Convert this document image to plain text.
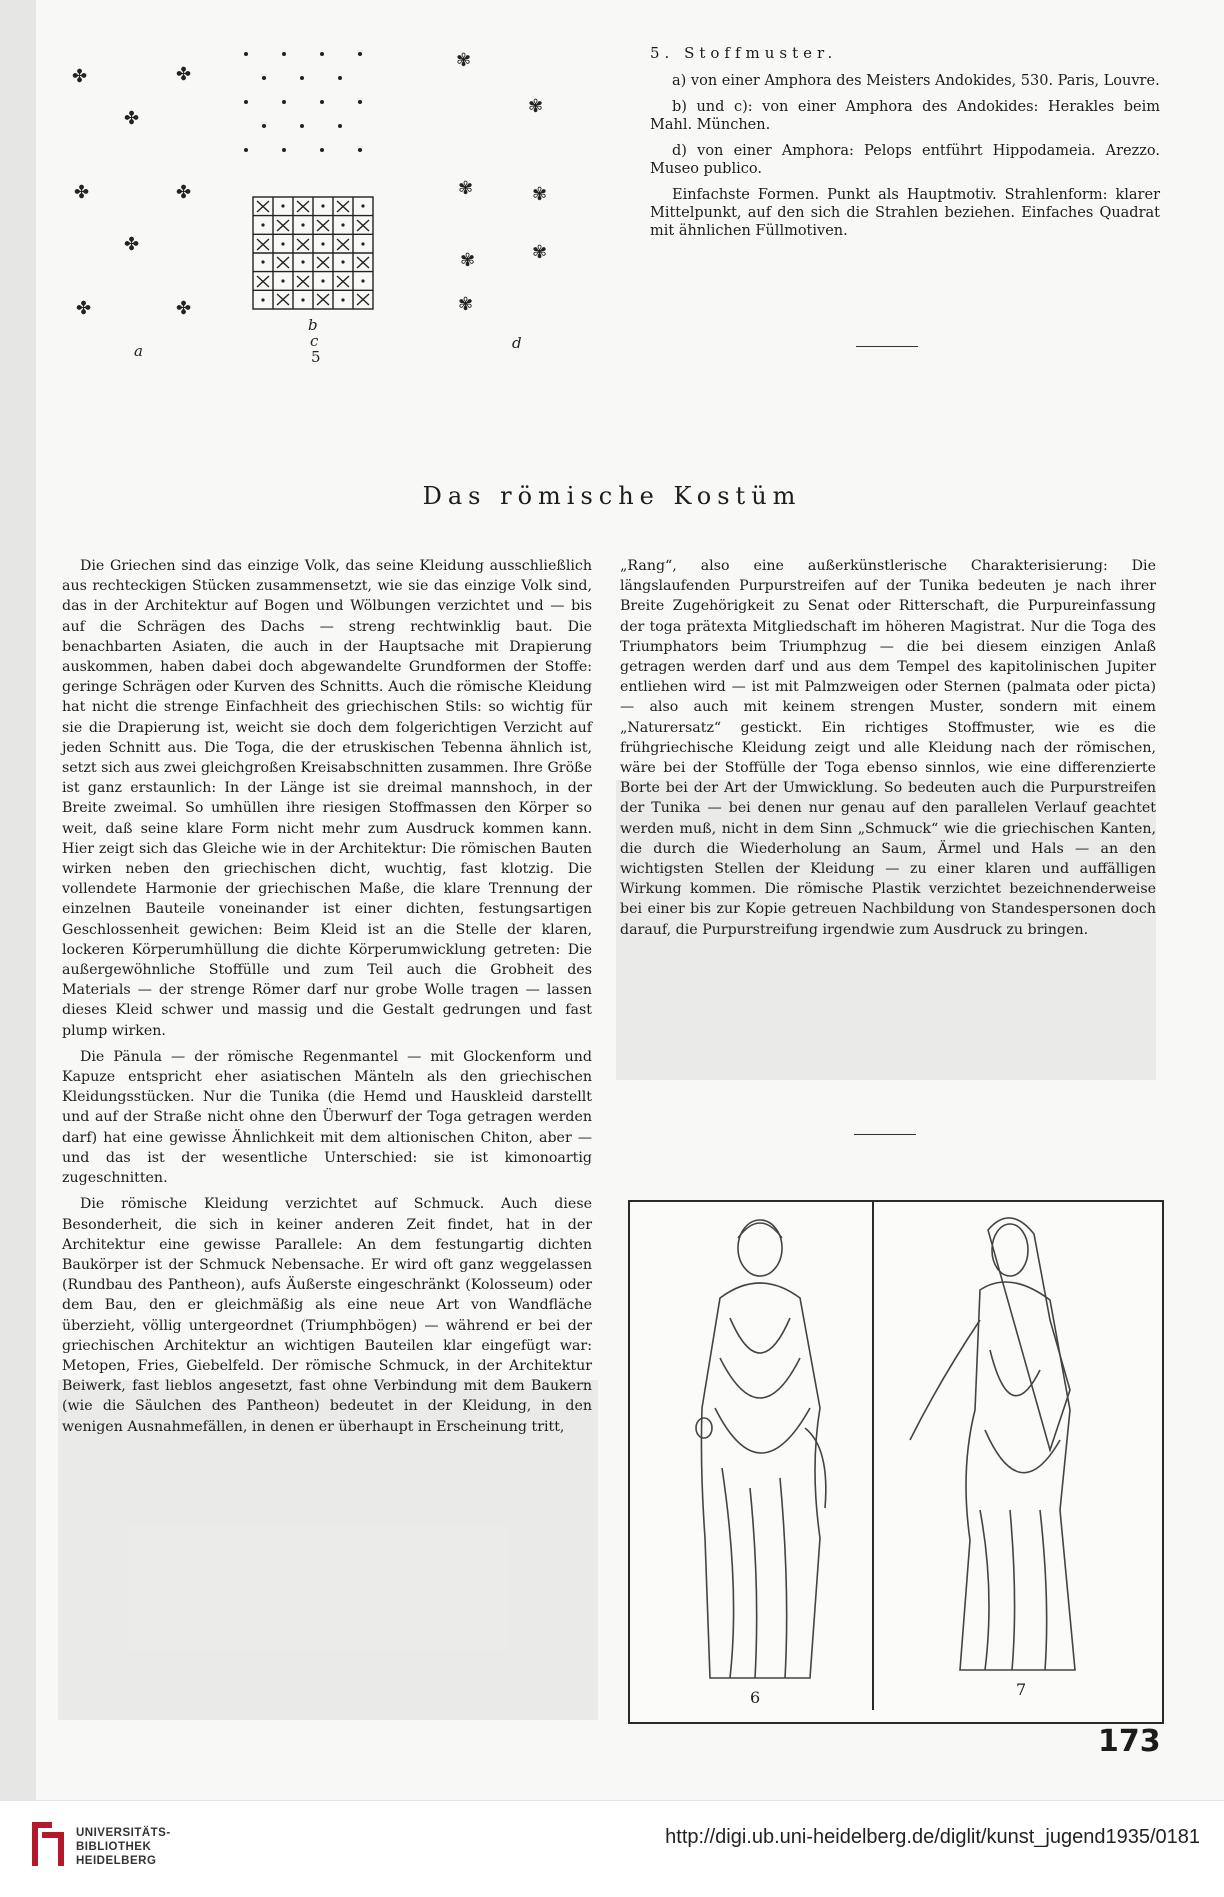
✤	✤
✤
✤	✤
✤
✤	✤
✾
✾
✾	✾
✾	✾
✾
a
b
c
5
d
5. Stoffmuster.

a) von einer Amphora des Meisters Andokides, 530. Paris, Louvre.

b) und c): von einer Amphora des Andokides: Herakles beim Mahl. München.

d) von einer Amphora: Pelops entführt Hippodameia. Arezzo. Museo publico.

Einfachste Formen. Punkt als Hauptmotiv. Strahlenform: klarer Mittelpunkt, auf den sich die Strahlen beziehen. Einfaches Quadrat mit ähnlichen Füllmotiven.

Das römische Kostüm

Die Griechen sind das einzige Volk, das seine Kleidung ausschließlich aus rechteckigen Stücken zusammensetzt, wie sie das einzige Volk sind, das in der Architektur auf Bogen und Wölbungen verzichtet und — bis auf die Schrägen des Dachs — streng rechtwinklig baut. Die benachbarten Asiaten, die auch in der Hauptsache mit Drapierung auskommen, haben dabei doch abgewandelte Grundformen der Stoffe: geringe Schrägen oder Kurven des Schnitts. Auch die römische Kleidung hat nicht die strenge Einfachheit des griechischen Stils: so wichtig für sie die Drapierung ist, weicht sie doch dem folgerichtigen Verzicht auf jeden Schnitt aus. Die Toga, die der etruskischen Tebenna ähnlich ist, setzt sich aus zwei gleichgroßen Kreisabschnitten zusammen. Ihre Größe ist ganz erstaunlich: In der Länge ist sie dreimal mannshoch, in der Breite zweimal. So umhüllen ihre riesigen Stoffmassen den Körper so weit, daß seine klare Form nicht mehr zum Ausdruck kommen kann. Hier zeigt sich das Gleiche wie in der Architektur: Die römischen Bauten wirken neben den griechischen dicht, wuchtig, fast klotzig. Die vollendete Harmonie der griechischen Maße, die klare Trennung der einzelnen Bauteile voneinander ist einer dichten, festungsartigen Geschlossenheit gewichen: Beim Kleid ist an die Stelle der klaren, lockeren Körperumhüllung die dichte Körperumwicklung getreten: Die außergewöhnliche Stoffülle und zum Teil auch die Grobheit des Materials — der strenge Römer darf nur grobe Wolle tragen — lassen dieses Kleid schwer und massig und die Gestalt gedrungen und fast plump wirken.

Die Pänula — der römische Regenmantel — mit Glockenform und Kapuze entspricht eher asiatischen Mänteln als den griechischen Kleidungsstücken. Nur die Tunika (die Hemd und Hauskleid darstellt und auf der Straße nicht ohne den Überwurf der Toga getragen werden darf) hat eine gewisse Ähnlichkeit mit dem altionischen Chiton, aber — und das ist der wesentliche Unterschied: sie ist kimonoartig zugeschnitten.

Die römische Kleidung verzichtet auf Schmuck. Auch diese Besonderheit, die sich in keiner anderen Zeit findet, hat in der Architektur eine gewisse Parallele: An dem festungartig dichten Baukörper ist der Schmuck Nebensache. Er wird oft ganz weggelassen (Rundbau des Pantheon), aufs Äußerste eingeschränkt (Kolosseum) oder dem Bau, den er gleichmäßig als eine neue Art von Wandfläche überzieht, völlig untergeordnet (Triumphbögen) — während er bei der griechischen Architektur an wichtigen Bauteilen klar eingefügt war: Metopen, Fries, Giebelfeld. Der römische Schmuck, in der Architektur Beiwerk, fast lieblos angesetzt, fast ohne Verbindung mit dem Baukern (wie die Säulchen des Pantheon) bedeutet in der Kleidung, in den wenigen Ausnahmefällen, in denen er überhaupt in Erscheinung tritt,

„Rang“, also eine außerkünstlerische Charakterisierung: Die längslaufenden Purpurstreifen auf der Tunika bedeuten je nach ihrer Breite Zugehörigkeit zu Senat oder Ritterschaft, die Purpureinfassung der toga prätexta Mitgliedschaft im höheren Magistrat. Nur die Toga des Triumphators beim Triumphzug — die bei diesem einzigen Anlaß getragen werden darf und aus dem Tempel des kapitolinischen Jupiter entliehen wird — ist mit Palmzweigen oder Sternen (palmata oder picta) — also auch mit keinem strengen Muster, sondern mit einem „Naturersatz“ gestickt. Ein richtiges Stoffmuster, wie es die frühgriechische Kleidung zeigt und alle Kleidung nach der römischen, wäre bei der Stoffülle der Toga ebenso sinnlos, wie eine differenzierte Borte bei der Art der Umwicklung. So bedeuten auch die Purpurstreifen der Tunika — bei denen nur genau auf den parallelen Verlauf geachtet werden muß, nicht in dem Sinn „Schmuck“ wie die griechischen Kanten, die durch die Wiederholung an Saum, Ärmel und Hals — an den wichtigsten Stellen der Kleidung — zu einer klaren und auffälligen Wirkung kommen. Die römische Plastik verzichtet bezeichnenderweise bei einer bis zur Kopie getreuen Nachbildung von Standespersonen doch darauf, die Purpurstreifung irgendwie zum Ausdruck zu bringen.

6	7
173
UNIVERSITÄTS-
BIBLIOTHEK
HEIDELBERG
http://digi.ub.uni-heidelberg.de/diglit/kunst_jugend1935/0181
